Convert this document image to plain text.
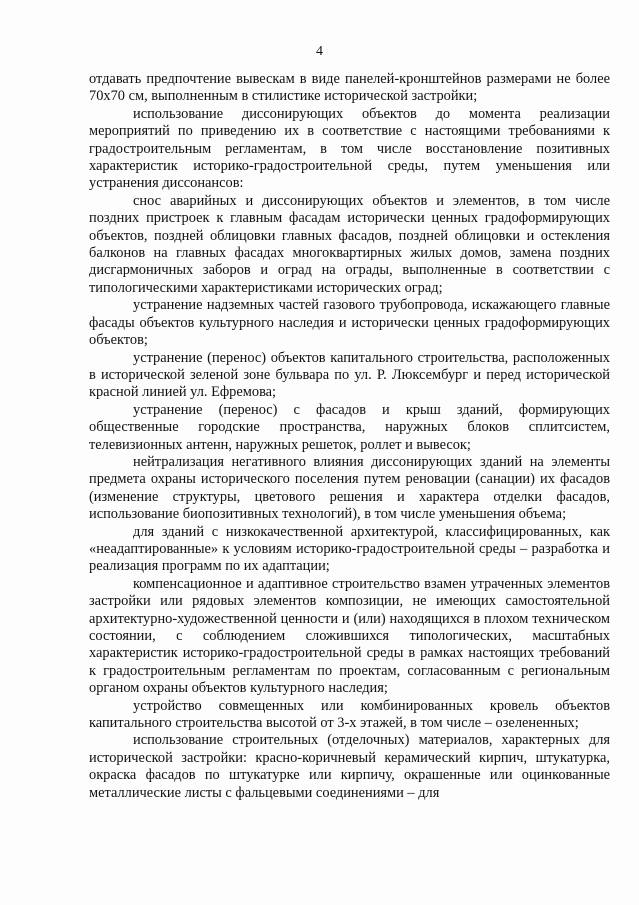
4

отдавать предпочтение вывескам в виде панелей-кронштейнов размерами не более 70х70 см, выполненным в стилистике исторической застройки;

использование диссонирующих объектов до момента реализации мероприятий по приведению их в соответствие с настоящими требованиями к градостроительным регламентам, в том числе восстановление позитивных характеристик историко-градостроительной среды, путем уменьшения или устранения диссонансов:

снос аварийных и диссонирующих объектов и элементов, в том числе поздних пристроек к главным фасадам исторически ценных градоформирующих объектов, поздней облицовки главных фасадов, поздней облицовки и остекления балконов на главных фасадах многоквартирных жилых домов, замена поздних дисгармоничных заборов и оград на ограды, выполненные в соответствии с типологическими характеристиками исторических оград;

устранение надземных частей газового трубопровода, искажающего главные фасады объектов культурного наследия и исторически ценных градоформирующих объектов;

устранение (перенос) объектов капитального строительства, расположенных в исторической зеленой зоне бульвара по ул. Р. Люксембург и перед исторической красной линией ул. Ефремова;

устранение (перенос) с фасадов и крыш зданий, формирующих общественные городские пространства, наружных блоков сплитсистем, телевизионных антенн, наружных решеток, роллет и вывесок;

нейтрализация негативного влияния диссонирующих зданий на элементы предмета охраны исторического поселения путем реновации (санации) их фасадов (изменение структуры, цветового решения и характера отделки фасадов, использование биопозитивных технологий), в том числе уменьшения объема;

для зданий с низкокачественной архитектурой, классифицированных, как «неадаптированные» к условиям историко-градостроительной среды – разработка и реализация программ по их адаптации;

компенсационное и адаптивное строительство взамен утраченных элементов застройки или рядовых элементов композиции, не имеющих самостоятельной архитектурно-художественной ценности и (или) находящихся в плохом техническом состоянии, с соблюдением сложившихся типологических, масштабных характеристик историко-градостроительной среды в рамках настоящих требований к градостроительным регламентам по проектам, согласованным с региональным органом охраны объектов культурного наследия;

устройство совмещенных или комбинированных кровель объектов капитального строительства высотой от 3-х этажей, в том числе – озелененных;

использование строительных (отделочных) материалов, характерных для исторической застройки: красно-коричневый керамический кирпич, штукатурка, окраска фасадов по штукатурке или кирпичу, окрашенные или оцинкованные металлические листы с фальцевыми соединениями – для
